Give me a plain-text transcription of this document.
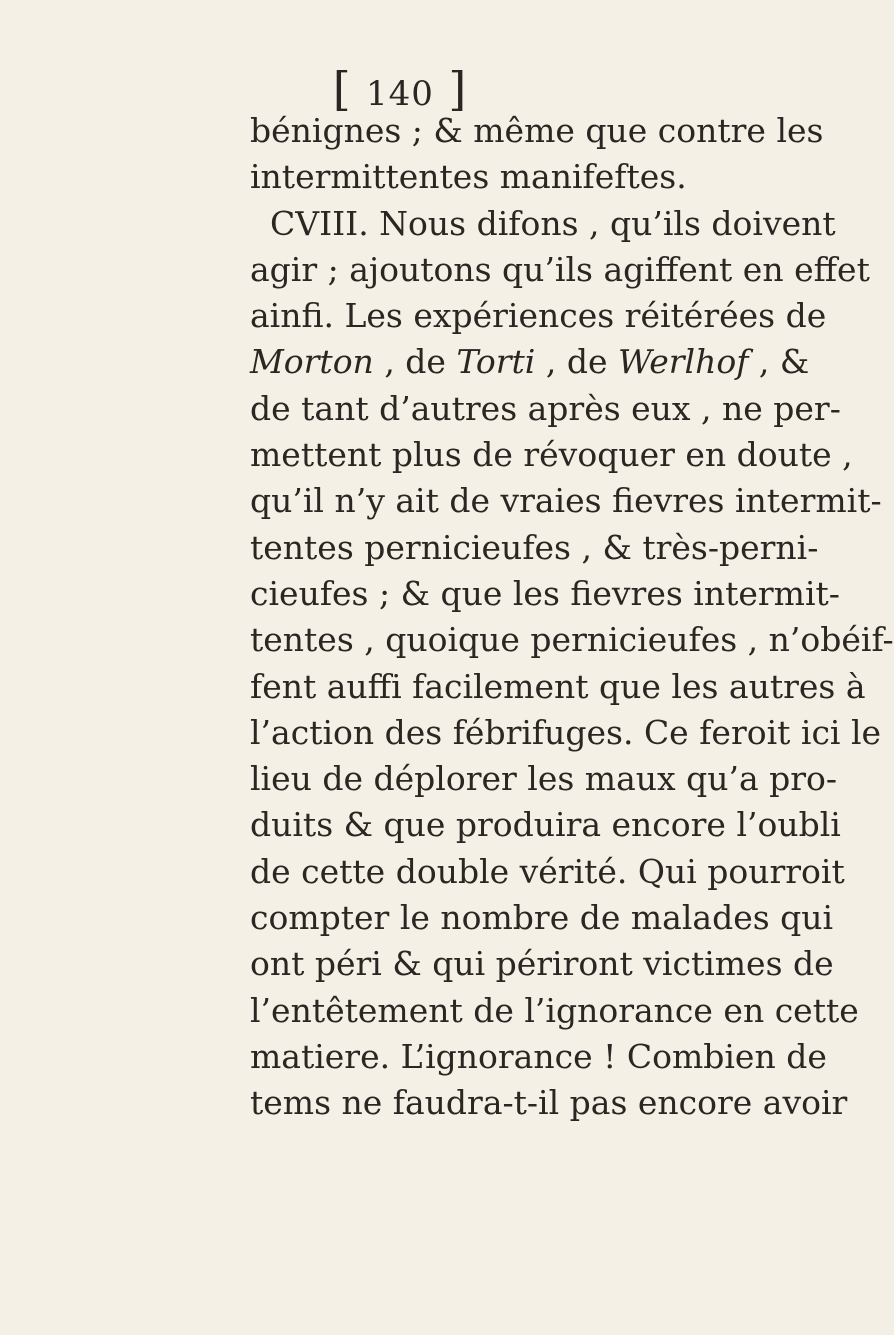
[ 140 ]
bénignes ; & même que contre les
intermittentes manifeftes.
CVIII. Nous difons , qu’ils doivent
agir ; ajoutons qu’ils agiffent en effet
ainfi. Les expériences réitérées de
Morton , de Torti , de Werlhof , &
de tant d’autres après eux , ne per-
mettent plus de révoquer en doute ,
qu’il n’y ait de vraies fievres intermit-
tentes pernicieufes , & très-perni-
cieufes ; & que les fievres intermit-
tentes , quoique pernicieufes , n’obéif-
fent auffi facilement que les autres à
l’action des fébrifuges. Ce feroit ici le
lieu de déplorer les maux qu’a pro-
duits & que produira encore l’oubli
de cette double vérité. Qui pourroit
compter le nombre de malades qui
ont péri & qui périront victimes de
l’entêtement de l’ignorance en cette
matiere. L’ignorance ! Combien de
tems ne faudra-t-il pas encore avoir
